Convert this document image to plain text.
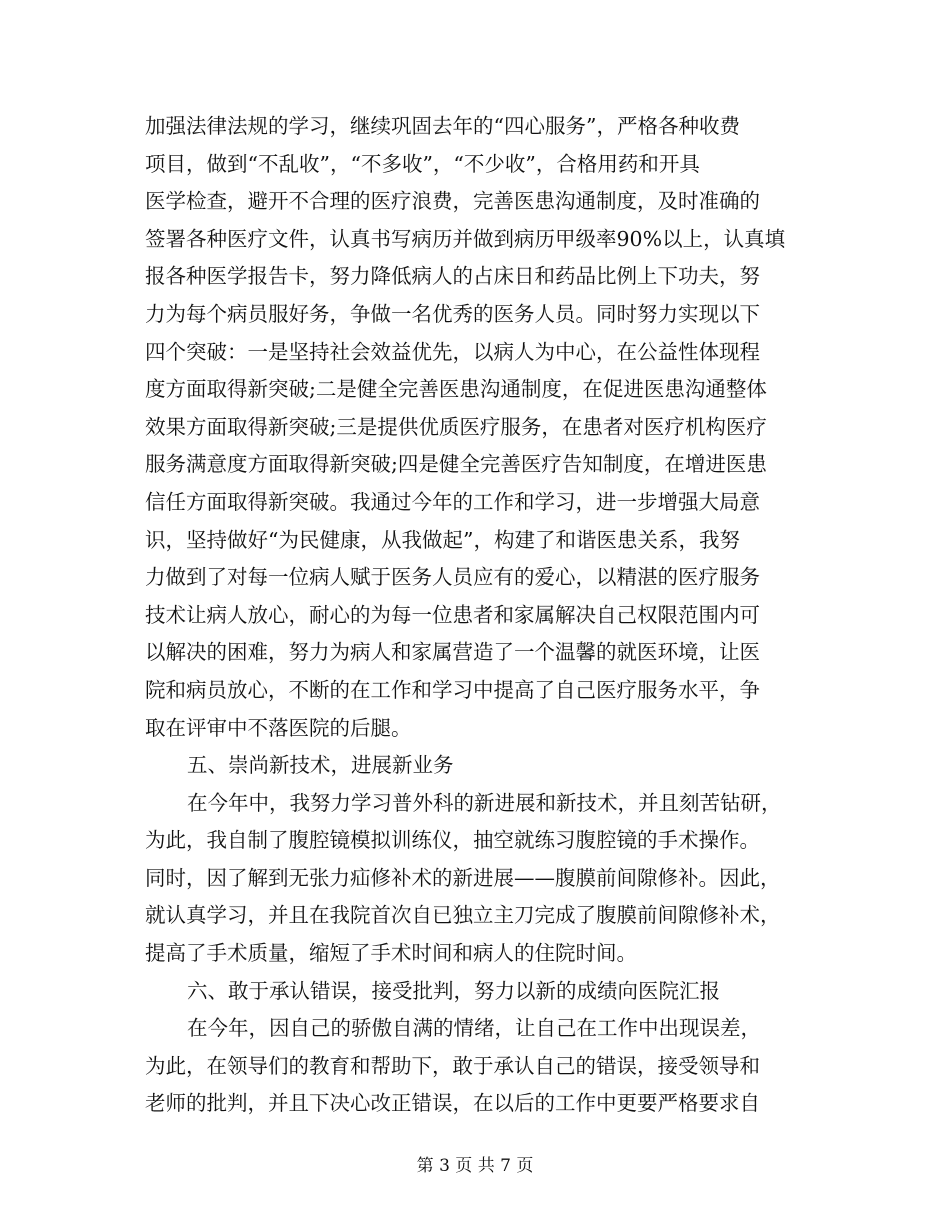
加强法律法规的学习，继续巩固去年的“四心服务”，严格各种收费
项目，做到“不乱收”，“不多收”，“不少收”，合格用药和开具
医学检查，避开不合理的医疗浪费，完善医患沟通制度，及时准确的
签署各种医疗文件，认真书写病历并做到病历甲级率90%以上，认真填
报各种医学报告卡，努力降低病人的占床日和药品比例上下功夫，努
力为每个病员服好务，争做一名优秀的医务人员。同时努力实现以下
四个突破：一是坚持社会效益优先，以病人为中心，在公益性体现程
度方面取得新突破;二是健全完善医患沟通制度，在促进医患沟通整体
效果方面取得新突破;三是提供优质医疗服务，在患者对医疗机构医疗
服务满意度方面取得新突破;四是健全完善医疗告知制度，在增进医患
信任方面取得新突破。我通过今年的工作和学习，进一步增强大局意
识，坚持做好“为民健康，从我做起”，构建了和谐医患关系，我努
力做到了对每一位病人赋于医务人员应有的爱心，以精湛的医疗服务
技术让病人放心，耐心的为每一位患者和家属解决自己权限范围内可
以解决的困难，努力为病人和家属营造了一个温馨的就医环境，让医
院和病员放心，不断的在工作和学习中提高了自己医疗服务水平，争
取在评审中不落医院的后腿。
五、崇尚新技术，进展新业务
在今年中，我努力学习普外科的新进展和新技术，并且刻苦钻研，
为此，我自制了腹腔镜模拟训练仪，抽空就练习腹腔镜的手术操作。
同时，因了解到无张力疝修补术的新进展——腹膜前间隙修补。因此，
就认真学习，并且在我院首次自已独立主刀完成了腹膜前间隙修补术，
提高了手术质量，缩短了手术时间和病人的住院时间。
六、敢于承认错误，接受批判，努力以新的成绩向医院汇报
在今年，因自己的骄傲自满的情绪，让自己在工作中出现误差，
为此，在领导们的教育和帮助下，敢于承认自己的错误，接受领导和
老师的批判，并且下决心改正错误，在以后的工作中更要严格要求自
第 3 页 共 7 页
